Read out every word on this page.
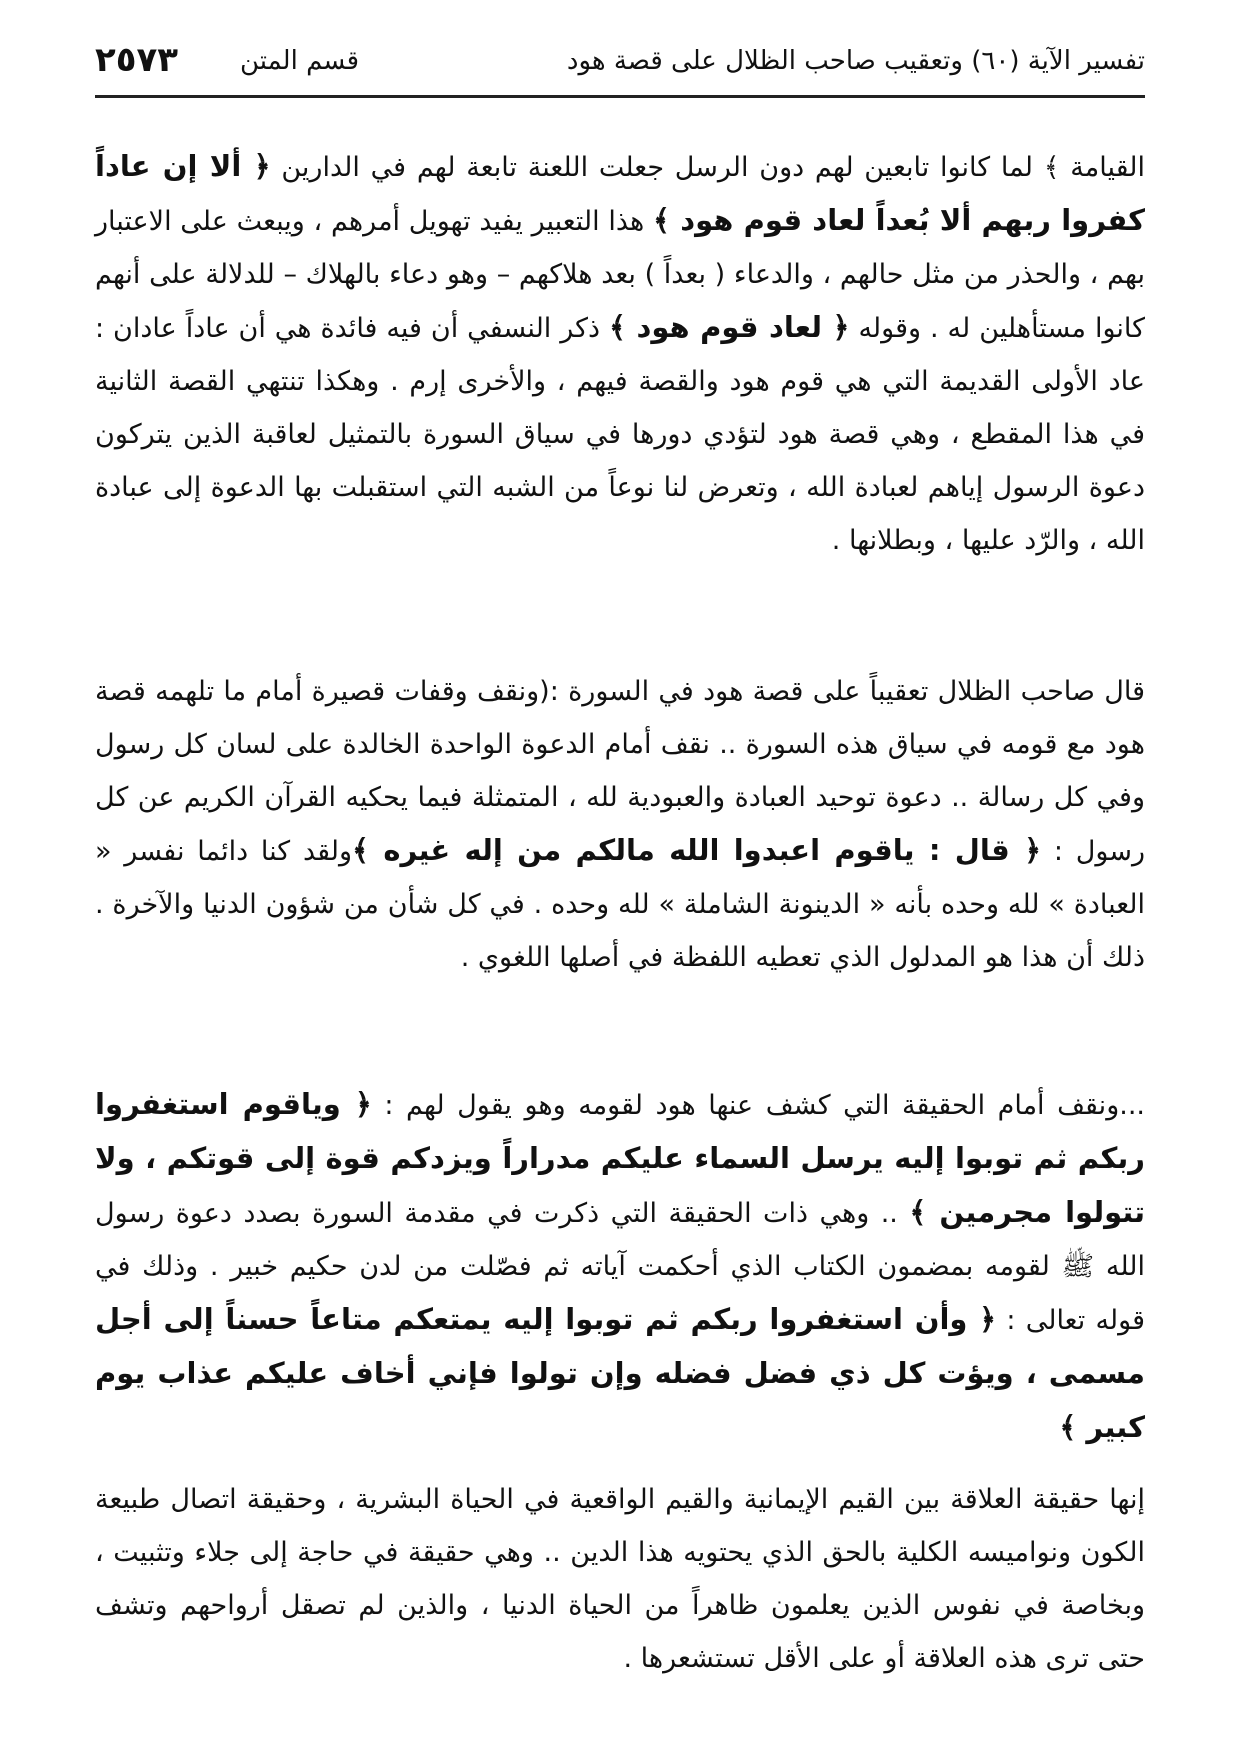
تفسير الآية (٦٠) وتعقيب صاحب الظلال على قصة هود
قسم المتن
٢٥٧٣
القيامة ﴾ لما كانوا تابعين لهم دون الرسل جعلت اللعنة تابعة لهم في الدارين ﴿ ألا إن عاداً كفروا ربهم ألا بُعداً لعاد قوم هود ﴾ هذا التعبير يفيد تهويل أمرهم ، ويبعث على الاعتبار بهم ، والحذر من مثل حالهم ، والدعاء ( بعداً ) بعد هلاكهم – وهو دعاء بالهلاك – للدلالة على أنهم كانوا مستأهلين له . وقوله ﴿ لعاد قوم هود ﴾ ذكر النسفي أن فيه فائدة هي أن عاداً عادان : عاد الأولى القديمة التي هي قوم هود والقصة فيهم ، والأخرى إرم . وهكذا تنتهي القصة الثانية في هذا المقطع ، وهي قصة هود لتؤدي دورها في سياق السورة بالتمثيل لعاقبة الذين يتركون دعوة الرسول إياهم لعبادة الله ، وتعرض لنا نوعاً من الشبه التي استقبلت بها الدعوة إلى عبادة الله ، والرّد عليها ، وبطلانها .
قال صاحب الظلال تعقيباً على قصة هود في السورة :(ونقف وقفات قصيرة أمام ما تلهمه قصة هود مع قومه في سياق هذه السورة .. نقف أمام الدعوة الواحدة الخالدة على لسان كل رسول وفي كل رسالة .. دعوة توحيد العبادة والعبودية لله ، المتمثلة فيما يحكيه القرآن الكريم عن كل رسول : ﴿ قال : ياقوم اعبدوا الله مالكم من إله غيره ﴾ولقد كنا دائما نفسر « العبادة » لله وحده بأنه « الدينونة الشاملة » لله وحده . في كل شأن من شؤون الدنيا والآخرة . ذلك أن هذا هو المدلول الذي تعطيه اللفظة في أصلها اللغوي .
...ونقف أمام الحقيقة التي كشف عنها هود لقومه وهو يقول لهم : ﴿ وياقوم استغفروا ربكم ثم توبوا إليه يرسل السماء عليكم مدراراً ويزدكم قوة إلى قوتكم ، ولا تتولوا مجرمين ﴾ .. وهي ذات الحقيقة التي ذكرت في مقدمة السورة بصدد دعوة رسول الله ﷺ لقومه بمضمون الكتاب الذي أحكمت آياته ثم فصّلت من لدن حكيم خبير . وذلك في قوله تعالى : ﴿ وأن استغفروا ربكم ثم توبوا إليه يمتعكم متاعاً حسناً إلى أجل مسمى ، ويؤت كل ذي فضل فضله وإن تولوا فإني أخاف عليكم عذاب يوم كبير ﴾
إنها حقيقة العلاقة بين القيم الإيمانية والقيم الواقعية في الحياة البشرية ، وحقيقة اتصال طبيعة الكون ونواميسه الكلية بالحق الذي يحتويه هذا الدين .. وهي حقيقة في حاجة إلى جلاء وتثبيت ، وبخاصة في نفوس الذين يعلمون ظاهراً من الحياة الدنيا ، والذين لم تصقل أرواحهم وتشف حتى ترى هذه العلاقة أو على الأقل تستشعرها .
